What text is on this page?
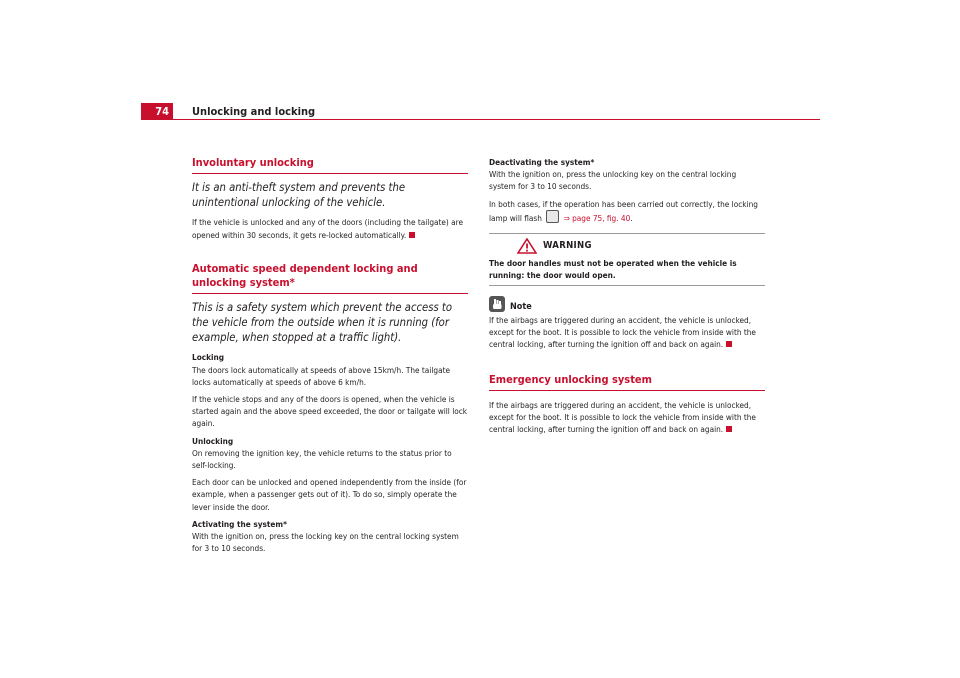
74 Unlocking and locking
Involuntary unlocking
It is an anti-theft system and prevents the unintentional unlocking of the vehicle.

If the vehicle is unlocked and any of the doors (including the tailgate) are opened within 30 seconds, it gets re-locked automatically.

Automatic speed dependent locking and unlocking system*
This is a safety system which prevent the access to the vehicle from the outside when it is running (for example, when stopped at a traffic light).

Locking

The doors lock automatically at speeds of above 15km/h. The tailgate locks automatically at speeds of above 6 km/h.

If the vehicle stops and any of the doors is opened, when the vehicle is started again and the above speed exceeded, the door or tailgate will lock again.

Unlocking

On removing the ignition key, the vehicle returns to the status prior to self-locking.

Each door can be unlocked and opened independently from the inside (for example, when a passenger gets out of it). To do so, simply operate the lever inside the door.

Activating the system*

With the ignition on, press the locking key on the central locking system for 3 to 10 seconds.

Deactivating the system*

With the ignition on, press the unlocking key on the central locking system for 3 to 10 seconds.

In both cases, if the operation has been carried out correctly, the locking lamp will flash	⇒ page 75, fig. 40.

WARNING
The door handles must not be operated when the vehicle is running: the door would open.
Note

If the airbags are triggered during an accident, the vehicle is unlocked, except for the boot. It is possible to lock the vehicle from inside with the central locking, after turning the ignition off and back on again.

Emergency unlocking system

If the airbags are triggered during an accident, the vehicle is unlocked, except for the boot. It is possible to lock the vehicle from inside with the central locking, after turning the ignition off and back on again.
